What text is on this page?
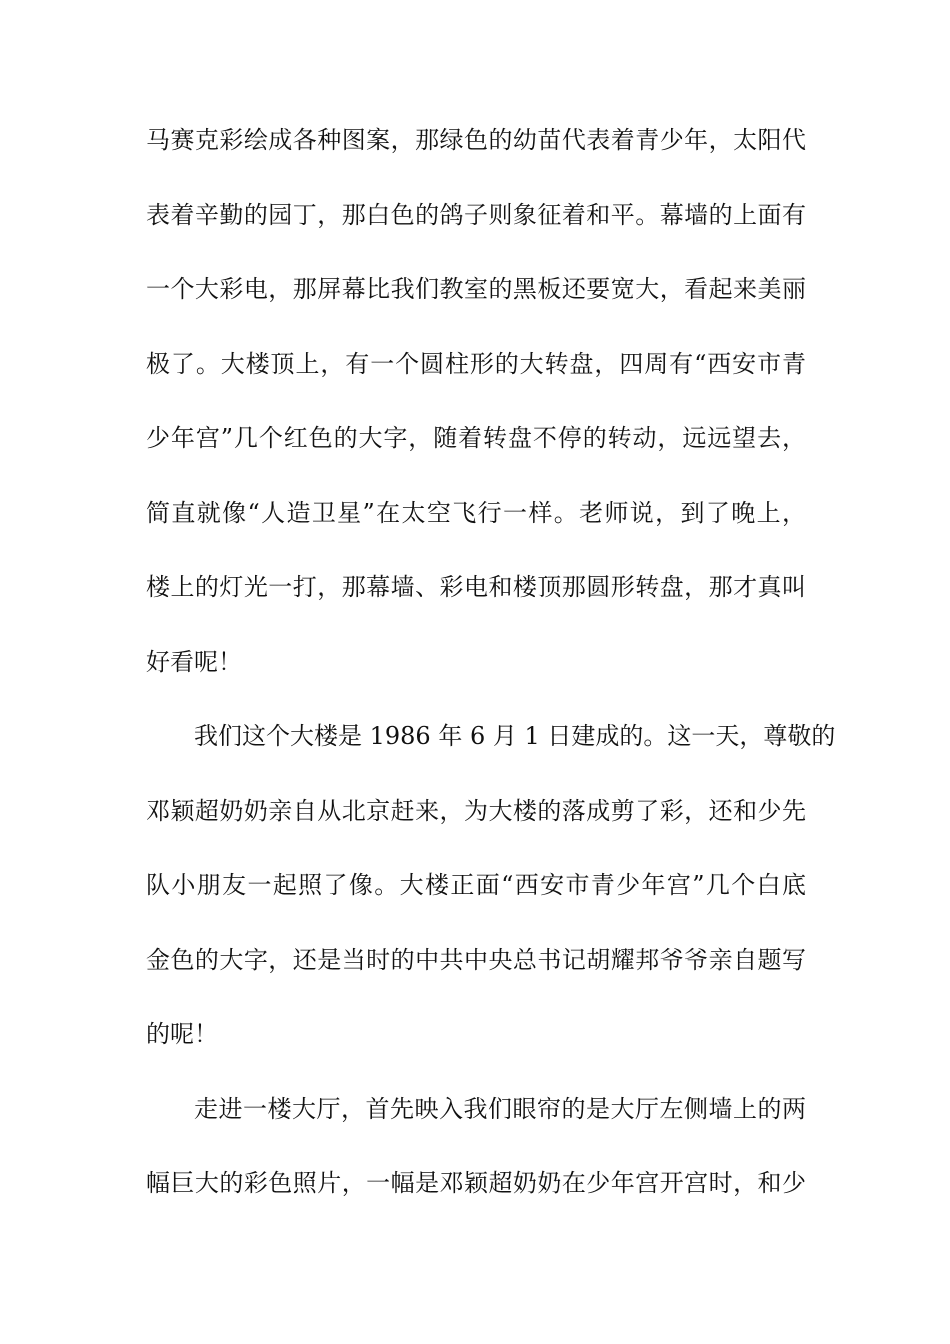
马赛克彩绘成各种图案，那绿色的幼苗代表着青少年，太阳代
表着辛勤的园丁，那白色的鸽子则象征着和平。幕墙的上面有
一个大彩电，那屏幕比我们教室的黑板还要宽大，看起来美丽
极了。大楼顶上，有一个圆柱形的大转盘，四周有“西安市青
少年宫”几个红色的大字，随着转盘不停的转动，远远望去，
简直就像“人造卫星”在太空飞行一样。老师说，到了晚上，
楼上的灯光一打，那幕墙、彩电和楼顶那圆形转盘，那才真叫
好看呢！
我们这个大楼是 1986 年 6 月 1 日建成的。这一天，尊敬的
邓颖超奶奶亲自从北京赶来，为大楼的落成剪了彩，还和少先
队小朋友一起照了像。大楼正面“西安市青少年宫”几个白底
金色的大字，还是当时的中共中央总书记胡耀邦爷爷亲自题写
的呢！
走进一楼大厅，首先映入我们眼帘的是大厅左侧墙上的两
幅巨大的彩色照片，一幅是邓颖超奶奶在少年宫开宫时，和少
